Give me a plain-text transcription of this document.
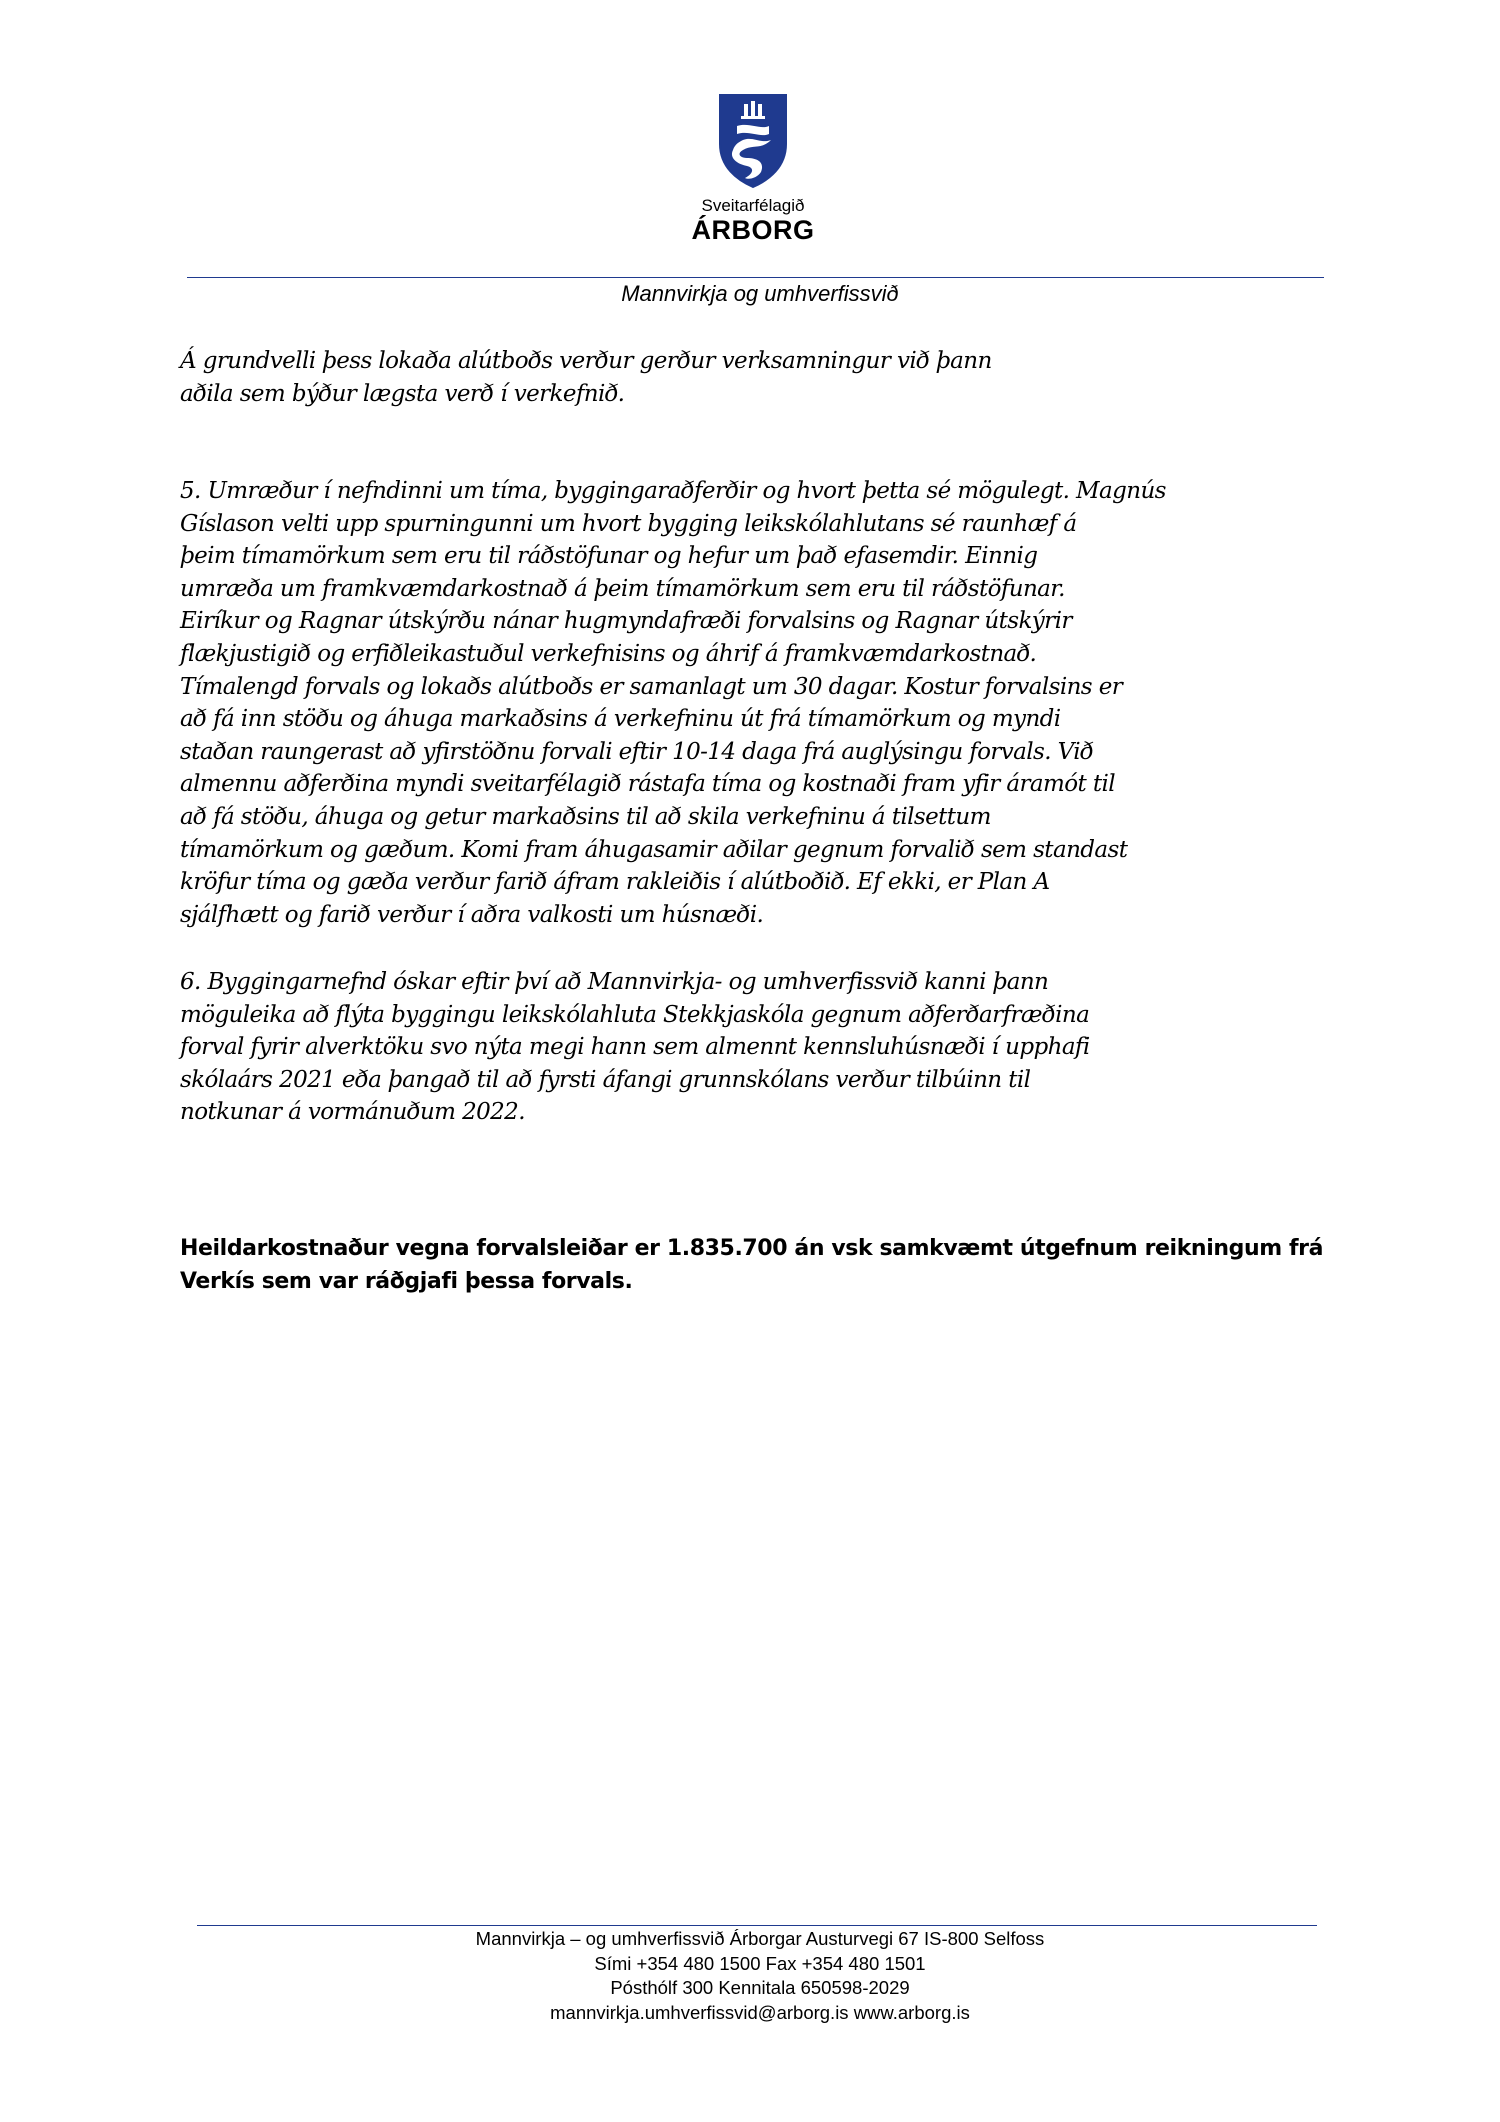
Sveitarfélagið
ÁRBORG
Mannvirkja og umhverfissvið

Á grundvelli þess lokaða alútboðs verður gerður verksamningur við þann

aðila sem býður lægsta verð í verkefnið.

5. Umræður í nefndinni um tíma, byggingaraðferðir og hvort þetta sé mögulegt. Magnús

Gíslason velti upp spurningunni um hvort bygging leikskólahlutans sé raunhæf á

þeim tímamörkum sem eru til ráðstöfunar og hefur um það efasemdir. Einnig

umræða um framkvæmdarkostnað á þeim tímamörkum sem eru til ráðstöfunar.

Eiríkur og Ragnar útskýrðu nánar hugmyndafræði forvalsins og Ragnar útskýrir

flækjustigið og erfiðleikastuðul verkefnisins og áhrif á framkvæmdarkostnað.

Tímalengd forvals og lokaðs alútboðs er samanlagt um 30 dagar. Kostur forvalsins er

að fá inn stöðu og áhuga markaðsins á verkefninu út frá tímamörkum og myndi

staðan raungerast að yfirstöðnu forvali eftir 10-14 daga frá auglýsingu forvals. Við

almennu aðferðina myndi sveitarfélagið rástafa tíma og kostnaði fram yfir áramót til

að fá stöðu, áhuga og getur markaðsins til að skila verkefninu á tilsettum

tímamörkum og gæðum. Komi fram áhugasamir aðilar gegnum forvalið sem standast

kröfur tíma og gæða verður farið áfram rakleiðis í alútboðið. Ef ekki, er Plan A

sjálfhætt og farið verður í aðra valkosti um húsnæði.

6. Byggingarnefnd óskar eftir því að Mannvirkja- og umhverfissvið kanni þann

möguleika að flýta byggingu leikskólahluta Stekkjaskóla gegnum aðferðarfræðina

forval fyrir alverktöku svo nýta megi hann sem almennt kennsluhúsnæði í upphafi

skólaárs 2021 eða þangað til að fyrsti áfangi grunnskólans verður tilbúinn til

notkunar á vormánuðum 2022.

Heildarkostnaður vegna forvalsleiðar er 1.835.700 án vsk samkvæmt útgefnum reikningum frá
Verkís sem var ráðgjafi þessa forvals.
Mannvirkja – og umhverfissvið Árborgar Austurvegi 67 IS-800 Selfoss
Sími +354 480 1500 Fax +354 480 1501
Pósthólf 300 Kennitala 650598-2029
mannvirkja.umhverfissvid@arborg.is www.arborg.is
